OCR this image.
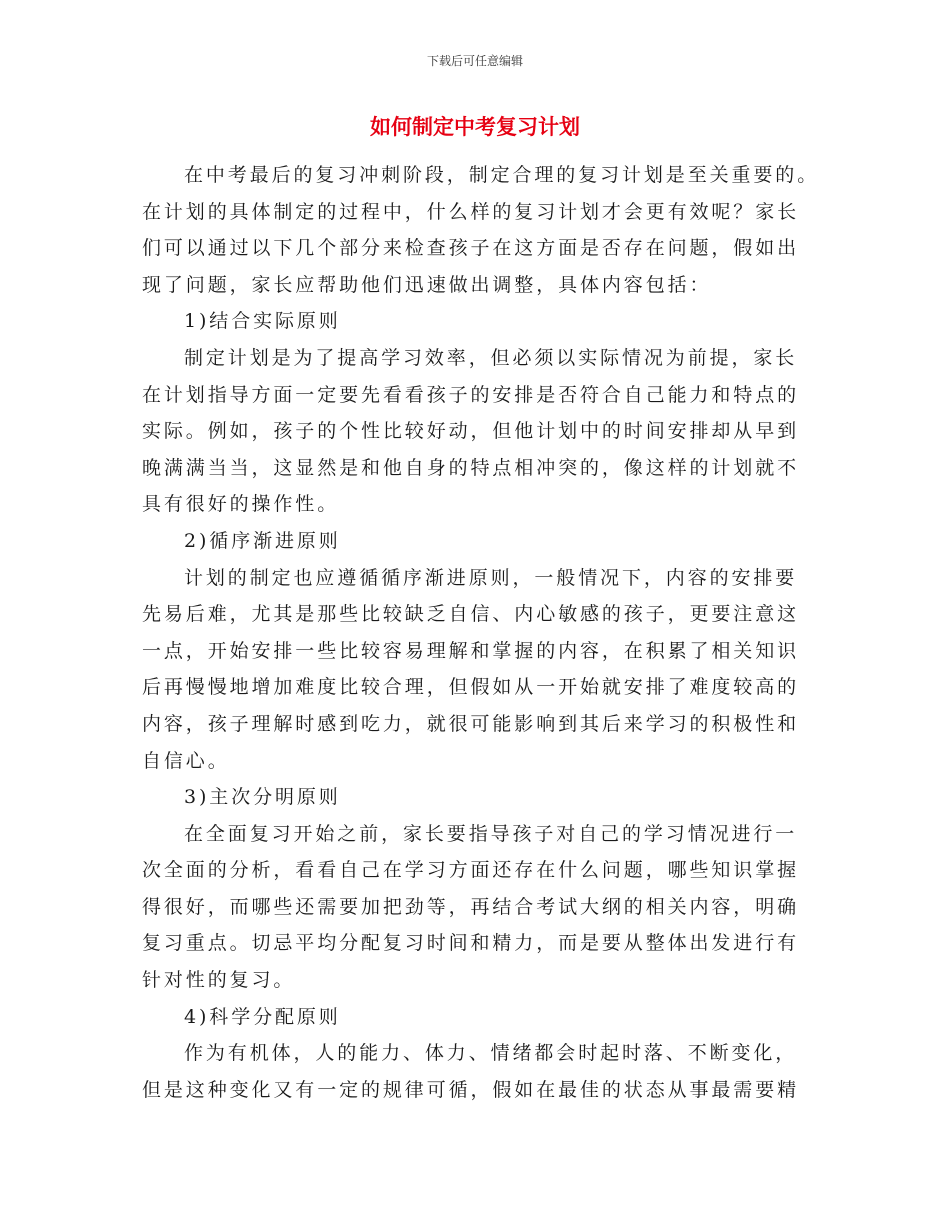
下载后可任意编辑
如何制定中考复习计划
在中考最后的复习冲刺阶段，制定合理的复习计划是至关重要的。
在计划的具体制定的过程中，什么样的复习计划才会更有效呢？家长
们可以通过以下几个部分来检查孩子在这方面是否存在问题，假如出
现了问题，家长应帮助他们迅速做出调整，具体内容包括：
1)结合实际原则
制定计划是为了提高学习效率，但必须以实际情况为前提，家长
在计划指导方面一定要先看看孩子的安排是否符合自己能力和特点的
实际。例如，孩子的个性比较好动，但他计划中的时间安排却从早到
晚满满当当，这显然是和他自身的特点相冲突的，像这样的计划就不
具有很好的操作性。
2)循序渐进原则
计划的制定也应遵循循序渐进原则，一般情况下，内容的安排要
先易后难，尤其是那些比较缺乏自信、内心敏感的孩子，更要注意这
一点，开始安排一些比较容易理解和掌握的内容，在积累了相关知识
后再慢慢地增加难度比较合理，但假如从一开始就安排了难度较高的
内容，孩子理解时感到吃力，就很可能影响到其后来学习的积极性和
自信心。
3)主次分明原则
在全面复习开始之前，家长要指导孩子对自己的学习情况进行一
次全面的分析，看看自己在学习方面还存在什么问题，哪些知识掌握
得很好，而哪些还需要加把劲等，再结合考试大纲的相关内容，明确
复习重点。切忌平均分配复习时间和精力，而是要从整体出发进行有
针对性的复习。
4)科学分配原则
作为有机体，人的能力、体力、情绪都会时起时落、不断变化，
但是这种变化又有一定的规律可循，假如在最佳的状态从事最需要精
